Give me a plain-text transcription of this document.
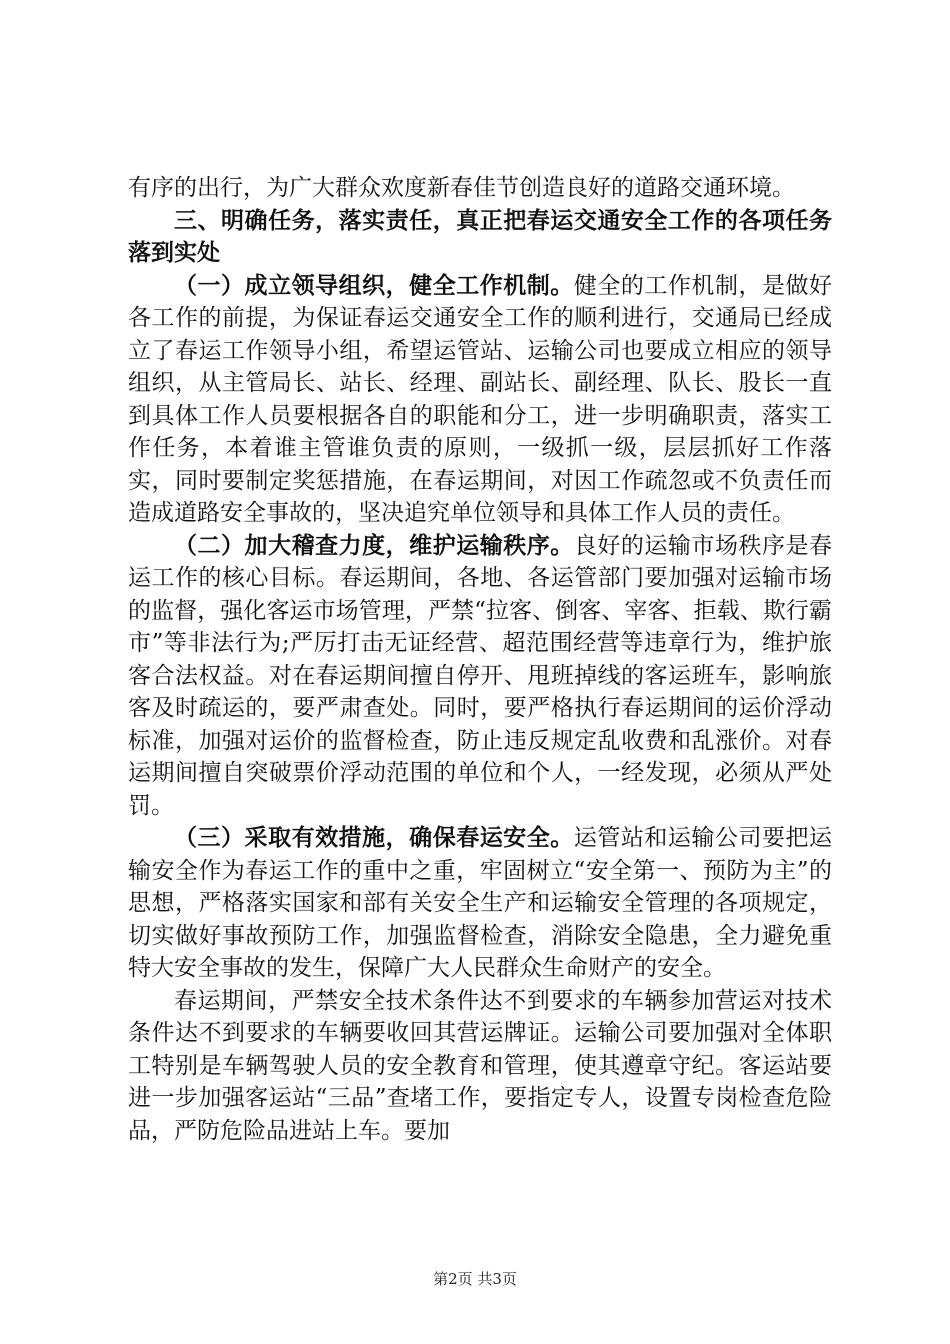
有序的出行，为广大群众欢度新春佳节创造良好的道路交通环境。

三、明确任务，落实责任，真正把春运交通安全工作的各项任务落到实处

（一）成立领导组织，健全工作机制。健全的工作机制，是做好各工作的前提，为保证春运交通安全工作的顺利进行，交通局已经成立了春运工作领导小组，希望运管站、运输公司也要成立相应的领导组织，从主管局长、站长、经理、副站长、副经理、队长、股长一直到具体工作人员要根据各自的职能和分工，进一步明确职责，落实工作任务，本着谁主管谁负责的原则，一级抓一级，层层抓好工作落实，同时要制定奖惩措施，在春运期间，对因工作疏忽或不负责任而造成道路安全事故的，坚决追究单位领导和具体工作人员的责任。

（二）加大稽查力度，维护运输秩序。良好的运输市场秩序是春运工作的核心目标。春运期间，各地、各运管部门要加强对运输市场的监督，强化客运市场管理，严禁“拉客、倒客、宰客、拒载、欺行霸市”等非法行为;严厉打击无证经营、超范围经营等违章行为，维护旅客合法权益。对在春运期间擅自停开、甩班掉线的客运班车，影响旅客及时疏运的，要严肃查处。同时，要严格执行春运期间的运价浮动标准，加强对运价的监督检查，防止违反规定乱收费和乱涨价。对春运期间擅自突破票价浮动范围的单位和个人，一经发现，必须从严处罚。

（三）采取有效措施，确保春运安全。运管站和运输公司要把运输安全作为春运工作的重中之重，牢固树立“安全第一、预防为主”的思想，严格落实国家和部有关安全生产和运输安全管理的各项规定，切实做好事故预防工作，加强监督检查，消除安全隐患，全力避免重特大安全事故的发生，保障广大人民群众生命财产的安全。

春运期间，严禁安全技术条件达不到要求的车辆参加营运对技术条件达不到要求的车辆要收回其营运牌证。运输公司要加强对全体职工特别是车辆驾驶人员的安全教育和管理，使其遵章守纪。客运站要进一步加强客运站“三品”查堵工作，要指定专人，设置专岗检查危险品，严防危险品进站上车。要加

第2页 共3页
